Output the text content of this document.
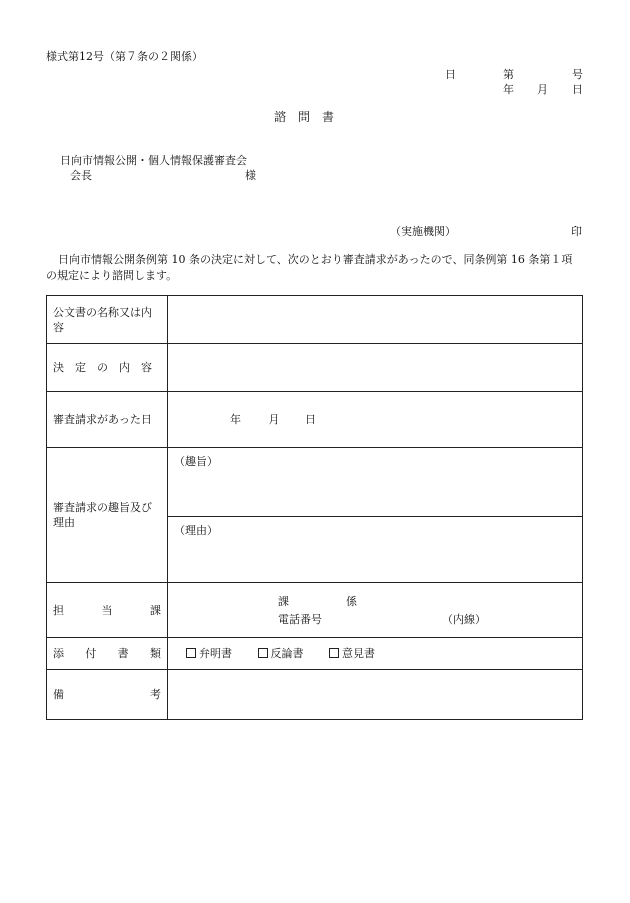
様式第12号（第７条の２関係）
日	第	号
年 月 日
諮　問　書
日向市情報公開・個人情報保護審査会
会長	様
（実施機関）	印
日向市情報公開条例第 10 条の決定に対して、次のとおり審査請求があったので、同条例第 16 条第１項の規定により諮問します。
公文書の名称又は内容	
決　定　の　内　容	
審査請求があった日	年 月 日
審査請求の趣旨及び理由	（趣旨）
（理由）

担 当 課	課 係
電話番号 （内線）

添 付 書 類	弁明書 反論書 意見書

備 考	
